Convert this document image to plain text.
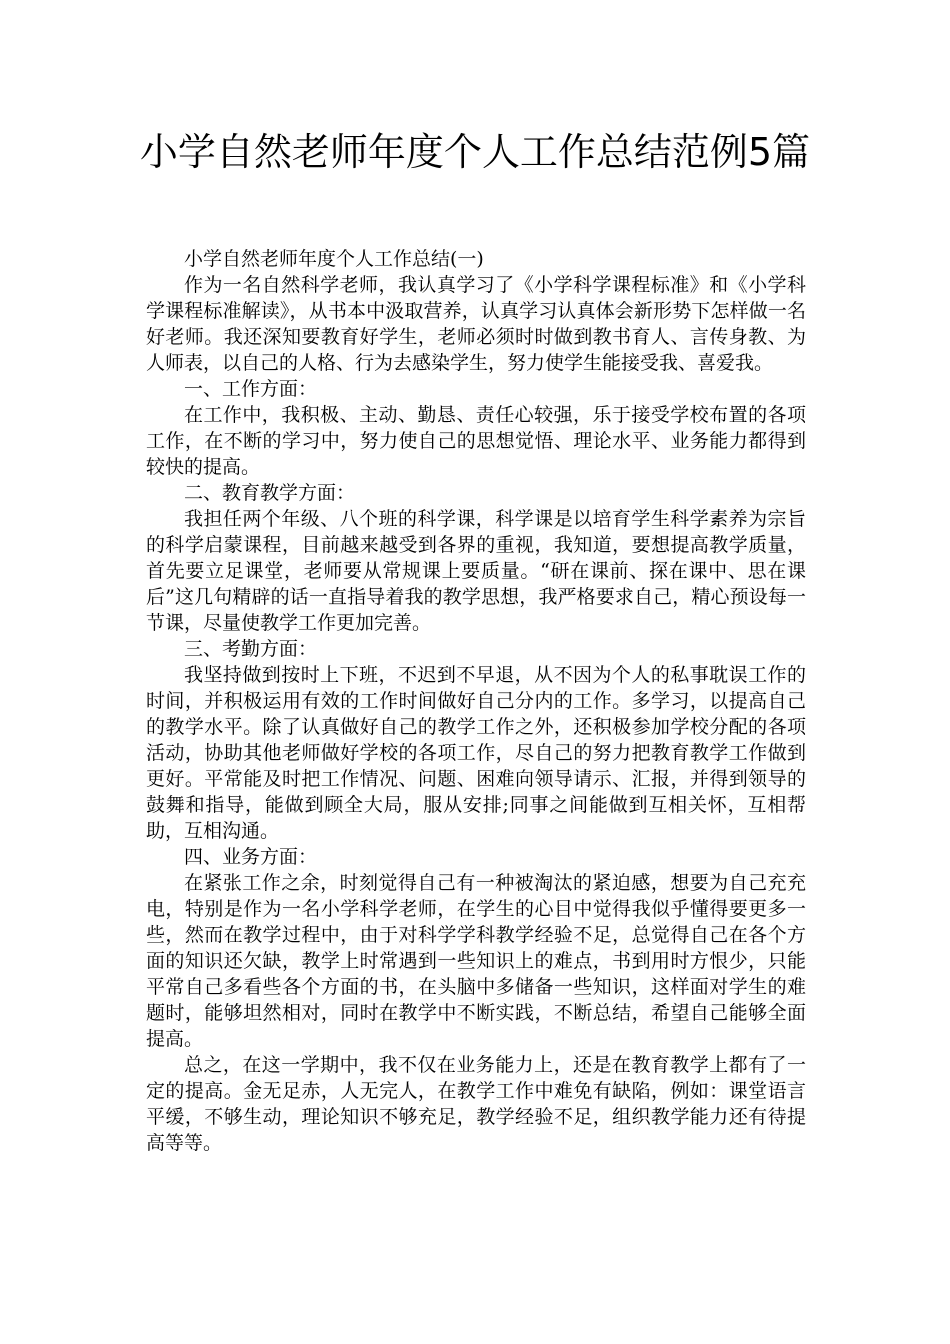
小学自然老师年度个人工作总结范例5篇

小学自然老师年度个人工作总结(一)

作为一名自然科学老师，我认真学习了《小学科学课程标准》和《小学科学课程标准解读》，从书本中汲取营养，认真学习认真体会新形势下怎样做一名好老师。我还深知要教育好学生，老师必须时时做到教书育人、言传身教、为人师表，以自己的人格、行为去感染学生，努力使学生能接受我、喜爱我。

一、工作方面：

在工作中，我积极、主动、勤恳、责任心较强，乐于接受学校布置的各项工作，在不断的学习中，努力使自己的思想觉悟、理论水平、业务能力都得到较快的提高。

二、教育教学方面：

我担任两个年级、八个班的科学课，科学课是以培育学生科学素养为宗旨的科学启蒙课程，目前越来越受到各界的重视，我知道，要想提高教学质量，首先要立足课堂，老师要从常规课上要质量。“研在课前、探在课中、思在课后”这几句精辟的话一直指导着我的教学思想，我严格要求自己，精心预设每一节课，尽量使教学工作更加完善。

三、考勤方面：

我坚持做到按时上下班，不迟到不早退，从不因为个人的私事耽误工作的时间，并积极运用有效的工作时间做好自己分内的工作。多学习，以提高自己的教学水平。除了认真做好自己的教学工作之外，还积极参加学校分配的各项活动，协助其他老师做好学校的各项工作，尽自己的努力把教育教学工作做到更好。平常能及时把工作情况、问题、困难向领导请示、汇报，并得到领导的鼓舞和指导，能做到顾全大局，服从安排;同事之间能做到互相关怀，互相帮助，互相沟通。

四、业务方面：

在紧张工作之余，时刻觉得自己有一种被淘汰的紧迫感，想要为自己充充电，特别是作为一名小学科学老师，在学生的心目中觉得我似乎懂得要更多一些，然而在教学过程中，由于对科学学科教学经验不足，总觉得自己在各个方面的知识还欠缺，教学上时常遇到一些知识上的难点，书到用时方恨少，只能平常自己多看些各个方面的书，在头脑中多储备一些知识，这样面对学生的难题时，能够坦然相对，同时在教学中不断实践，不断总结，希望自己能够全面提高。

总之，在这一学期中，我不仅在业务能力上，还是在教育教学上都有了一定的提高。金无足赤，人无完人，在教学工作中难免有缺陷，例如：课堂语言平缓，不够生动，理论知识不够充足，教学经验不足，组织教学能力还有待提高等等。
